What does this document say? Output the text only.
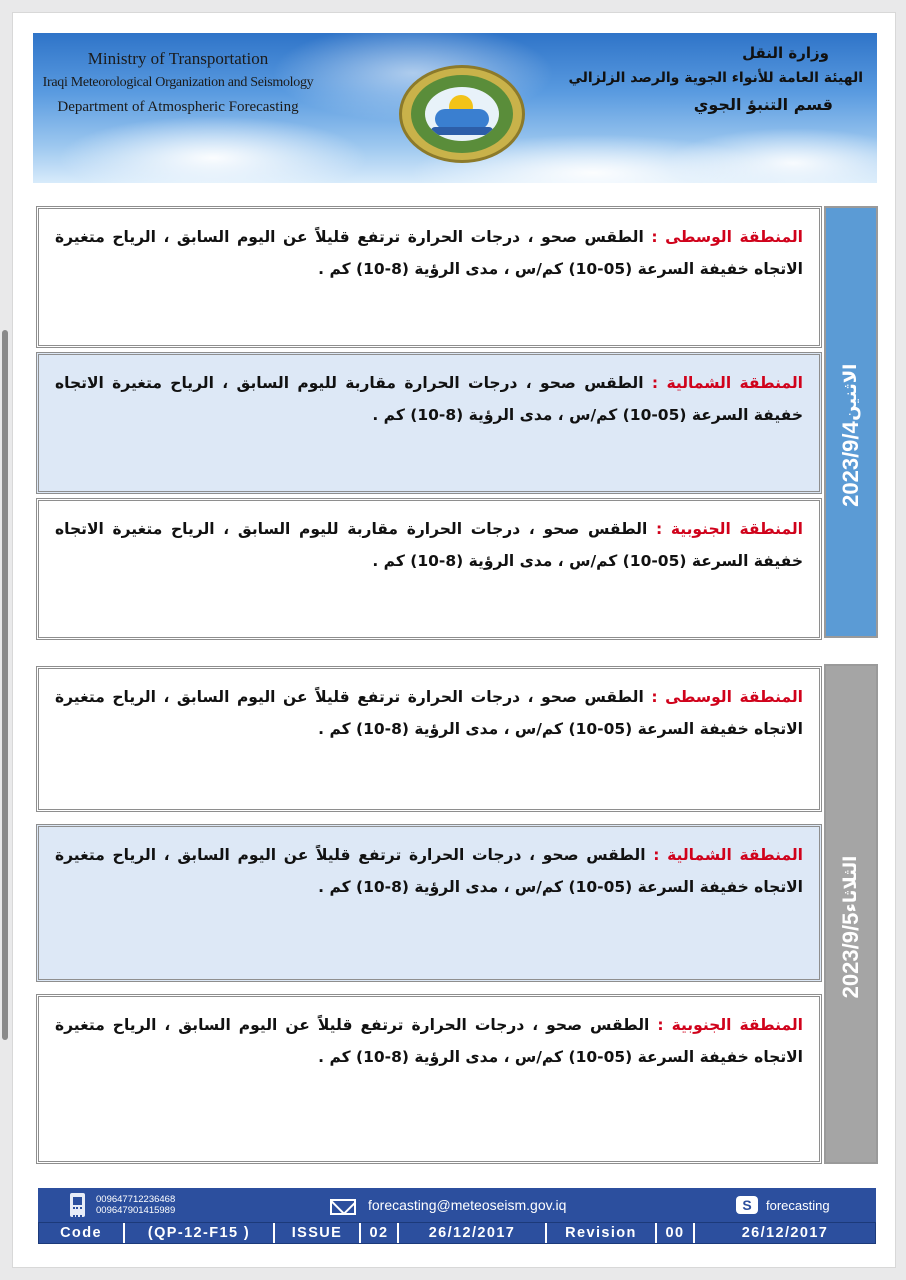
Ministry of Transportation
Iraqi Meteorological Organization and Seismology
Department of Atmospheric Forecasting
وزارة النقل
الهيئة العامة للأنواء الجوية والرصد الزلزالي
قسم التنبؤ الجوي
الاثنين2023/9/4
المنطقة الوسطى : الطقس صحو ، درجات الحرارة ترتفع قليلاً عن اليوم السابق ، الرياح متغيرة الاتجاه خفيفة السرعة (05-10) كم/س ، مدى الرؤية (8-10) كم .
المنطقة الشمالية : الطقس صحو ، درجات الحرارة مقاربة لليوم السابق ، الرياح متغيرة الاتجاه خفيفة السرعة (05-10) كم/س ، مدى الرؤية (8-10) كم .
المنطقة الجنوبية : الطقس صحو ، درجات الحرارة مقاربة لليوم السابق ، الرياح متغيرة الاتجاه خفيفة السرعة (05-10) كم/س ، مدى الرؤية (8-10) كم .
الثلاثاء2023/9/5
المنطقة الوسطى : الطقس صحو ، درجات الحرارة ترتفع قليلاً عن اليوم السابق ، الرياح متغيرة الاتجاه خفيفة السرعة (05-10) كم/س ، مدى الرؤية (8-10) كم .
المنطقة الشمالية : الطقس صحو ، درجات الحرارة ترتفع قليلاً عن اليوم السابق ، الرياح متغيرة الاتجاه خفيفة السرعة (05-10) كم/س ، مدى الرؤية (8-10) كم .
المنطقة الجنوبية : الطقس صحو ، درجات الحرارة ترتفع قليلاً عن اليوم السابق ، الرياح متغيرة الاتجاه خفيفة السرعة (05-10) كم/س ، مدى الرؤية (8-10) كم .
009647712236468
009647901415989	forecasting@meteoseism.gov.iq	S	forecasting
Code	(QP-12-F15 )	ISSUE	02	26/12/2017	Revision	00	26/12/2017
